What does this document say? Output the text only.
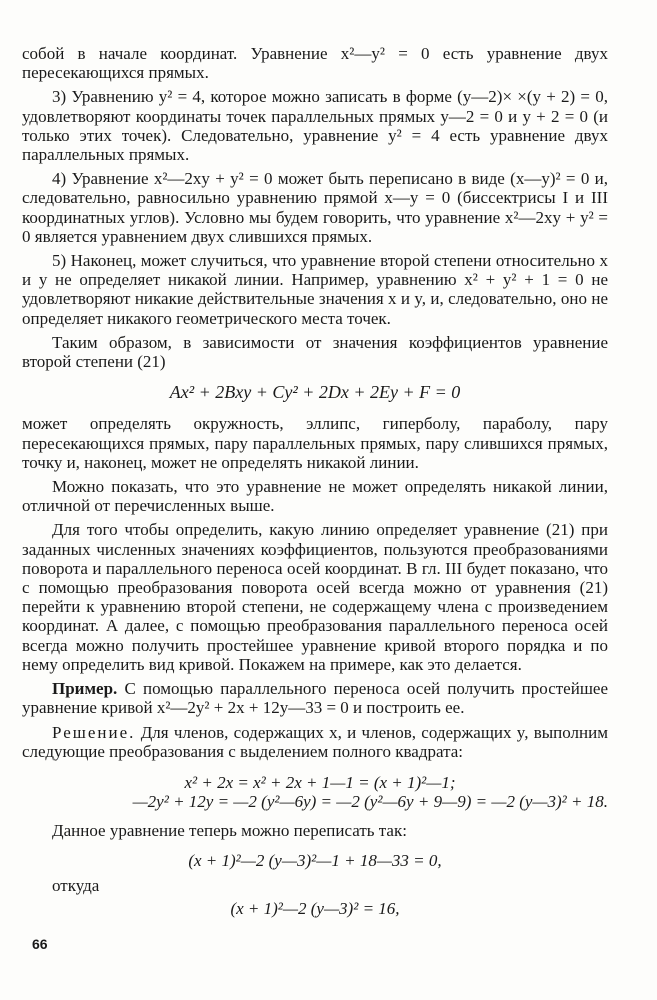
собой в начале координат. Уравнение x²—y² = 0 есть уравнение двух пересекающихся прямых.

3) Уравнению y² = 4, которое можно записать в форме (y—2)× ×(y + 2) = 0, удовлетворяют координаты точек параллельных прямых y—2 = 0 и y + 2 = 0 (и только этих точек). Следовательно, уравнение y² = 4 есть уравнение двух параллельных прямых.

4) Уравнение x²—2xy + y² = 0 может быть переписано в виде (x—y)² = 0 и, следовательно, равносильно уравнению прямой x—y = 0 (биссектрисы I и III координатных углов). Условно мы будем говорить, что уравнение x²—2xy + y² = 0 является уравнением двух слившихся прямых.

5) Наконец, может случиться, что уравнение второй степени относительно x и y не определяет никакой линии. Например, уравнению x² + y² + 1 = 0 не удовлетворяют никакие действительные значения x и y, и, следовательно, оно не определяет никакого геометрического места точек.

Таким образом, в зависимости от значения коэффициентов уравнение второй степени (21)

Ax² + 2Bxy + Cy² + 2Dx + 2Ey + F = 0

может определять окружность, эллипс, гиперболу, параболу, пару пересекающихся прямых, пару параллельных прямых, пару слившихся прямых, точку и, наконец, может не определять никакой линии.

Можно показать, что это уравнение не может определять никакой линии, отличной от перечисленных выше.

Для того чтобы определить, какую линию определяет уравнение (21) при заданных численных значениях коэффициентов, пользуются преобразованиями поворота и параллельного переноса осей координат. В гл. III будет показано, что с помощью преобразования поворота осей всегда можно от уравнения (21) перейти к уравнению второй степени, не содержащему члена с произведением координат. А далее, с помощью преобразования параллельного переноса осей всегда можно получить простейшее уравнение кривой второго порядка и по нему определить вид кривой. Покажем на примере, как это делается.

Пример. С помощью параллельного переноса осей получить простейшее уравнение кривой x²—2y² + 2x + 12y—33 = 0 и построить ее.

Решение. Для членов, содержащих x, и членов, содержащих y, выполним следующие преобразования с выделением полного квадрата:

x² + 2x = x² + 2x + 1—1 = (x + 1)²—1;
—2y² + 12y = —2 (y²—6y) = —2 (y²—6y + 9—9) = —2 (y—3)² + 18.

Данное уравнение теперь можно переписать так:

(x + 1)²—2 (y—3)²—1 + 18—33 = 0,

откуда

(x + 1)²—2 (y—3)² = 16,
66
